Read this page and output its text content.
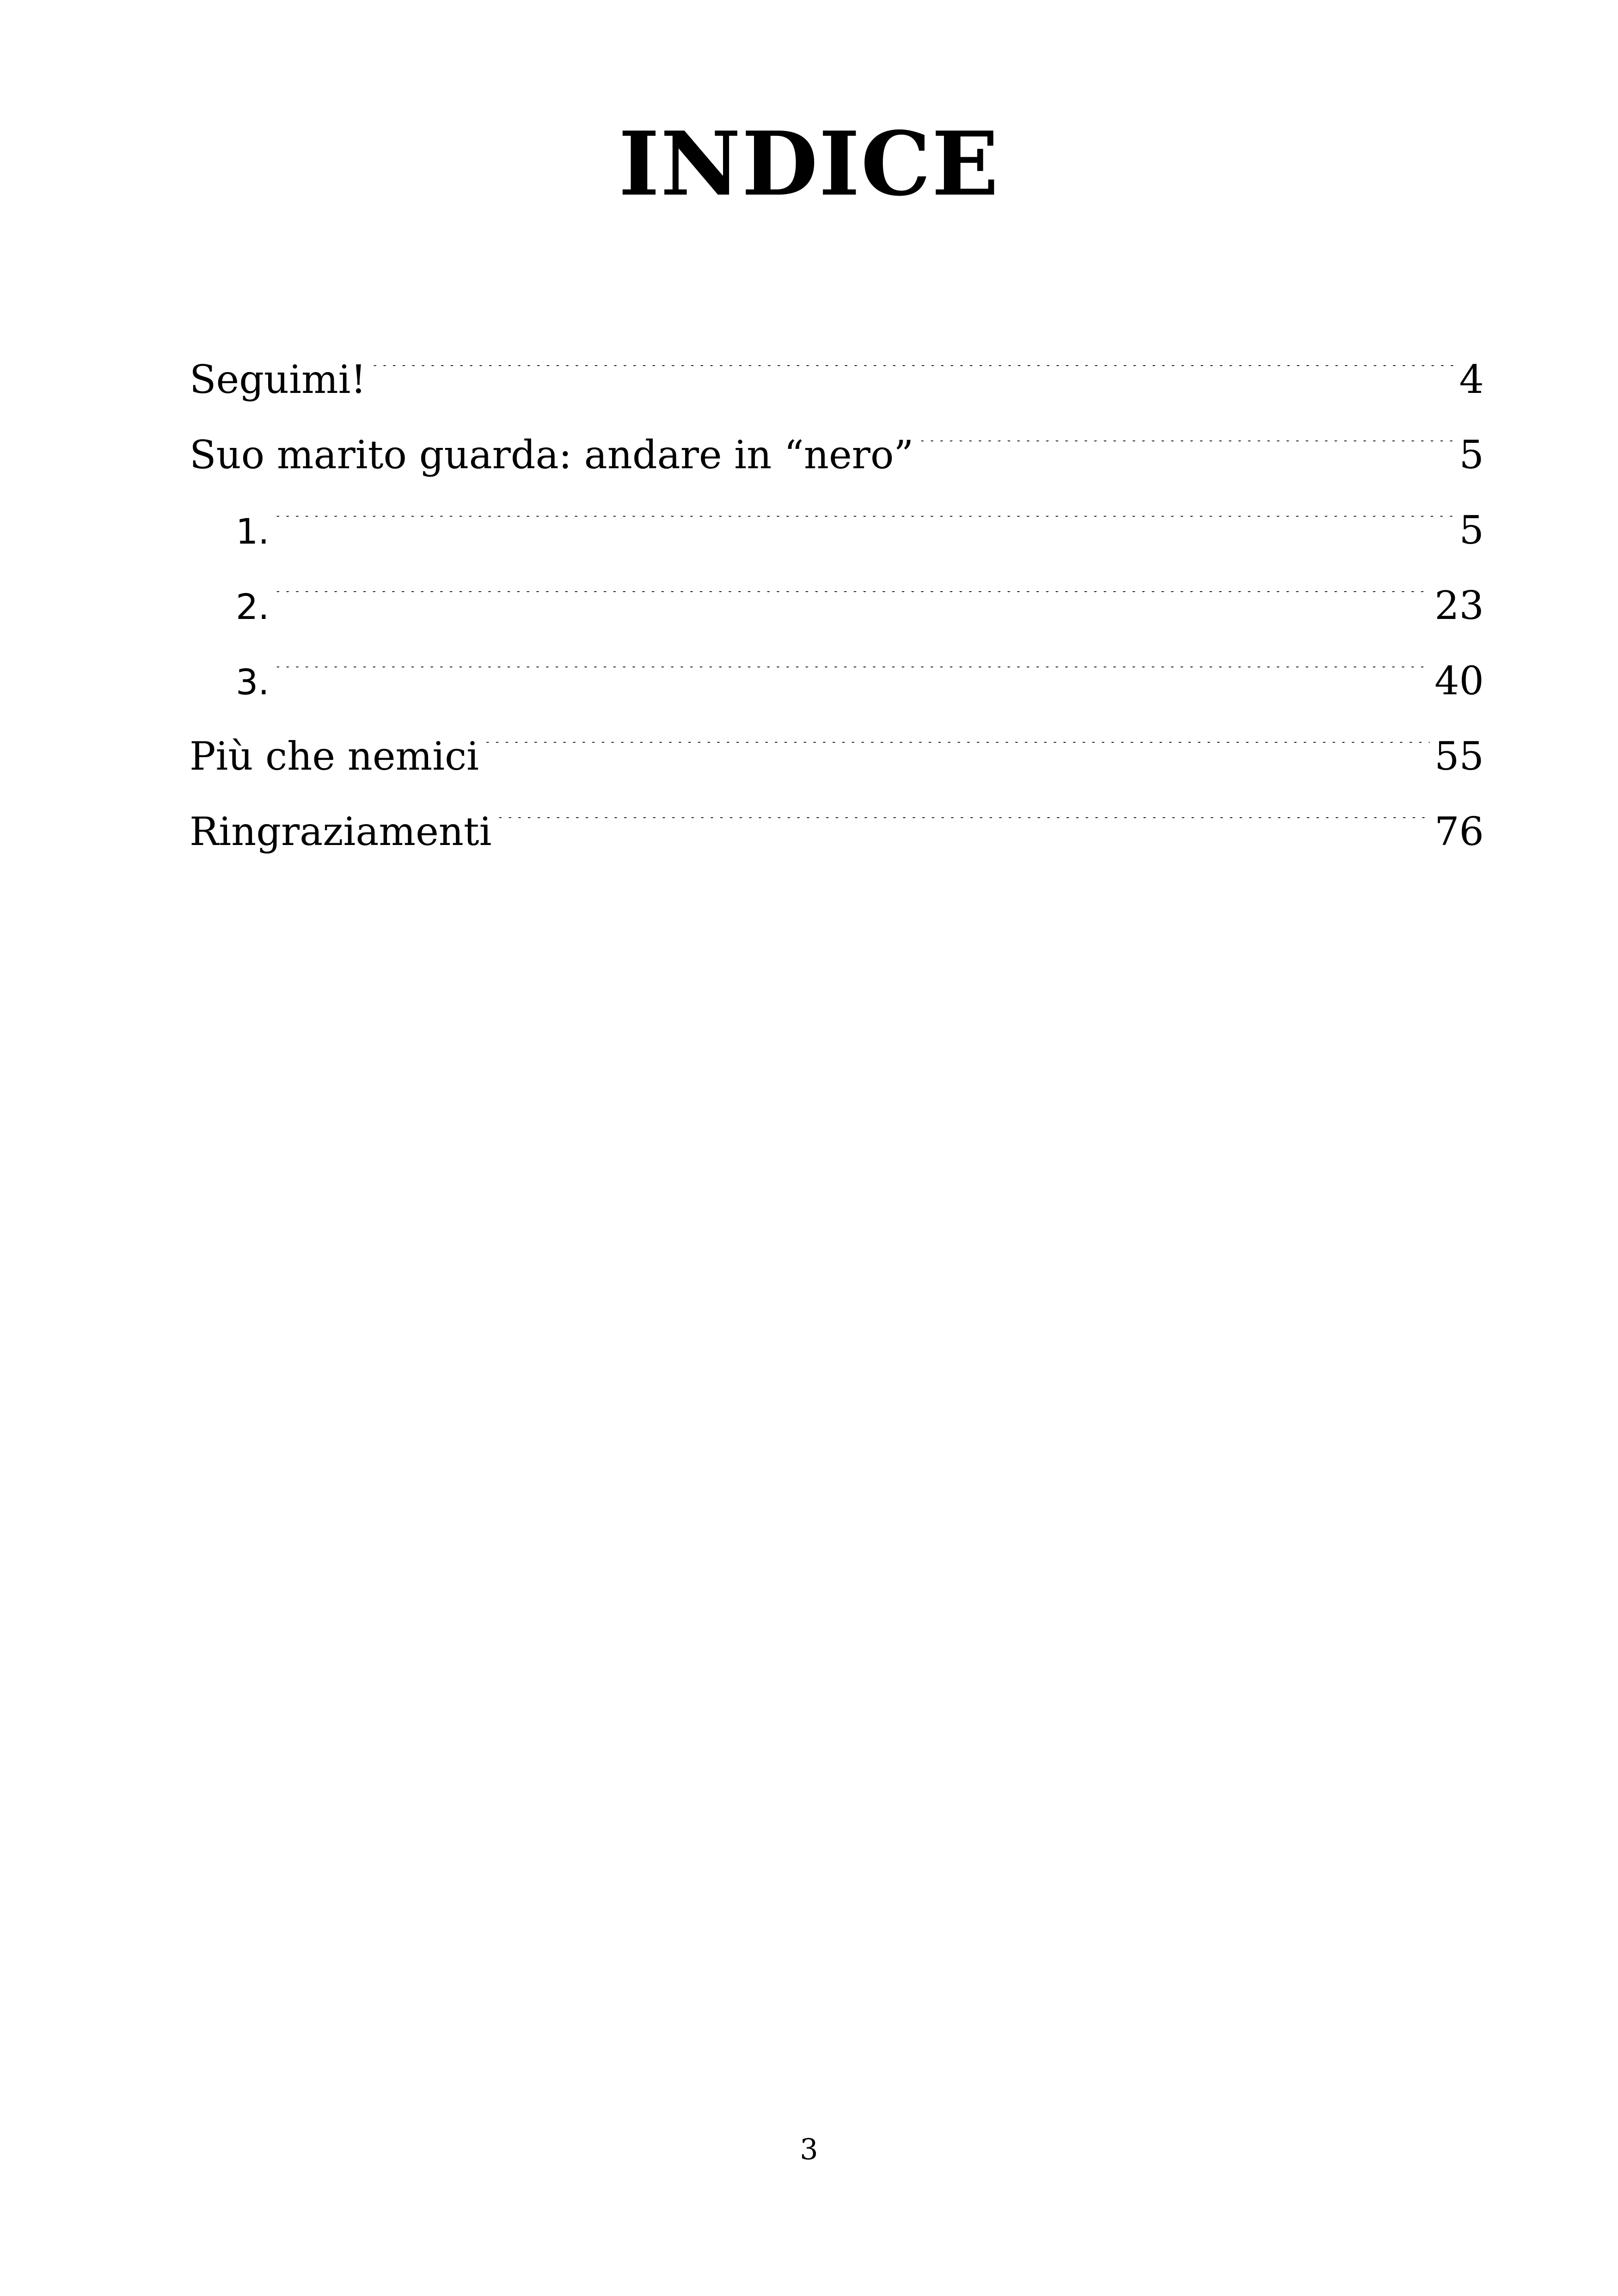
INDICE
Seguimi! .....	4
Suo marito guarda: andare in “nero” .....	5
1. .....	5
2. .....	23
3. .....	40
Più che nemici .....	55
Ringraziamenti .....	76
3
